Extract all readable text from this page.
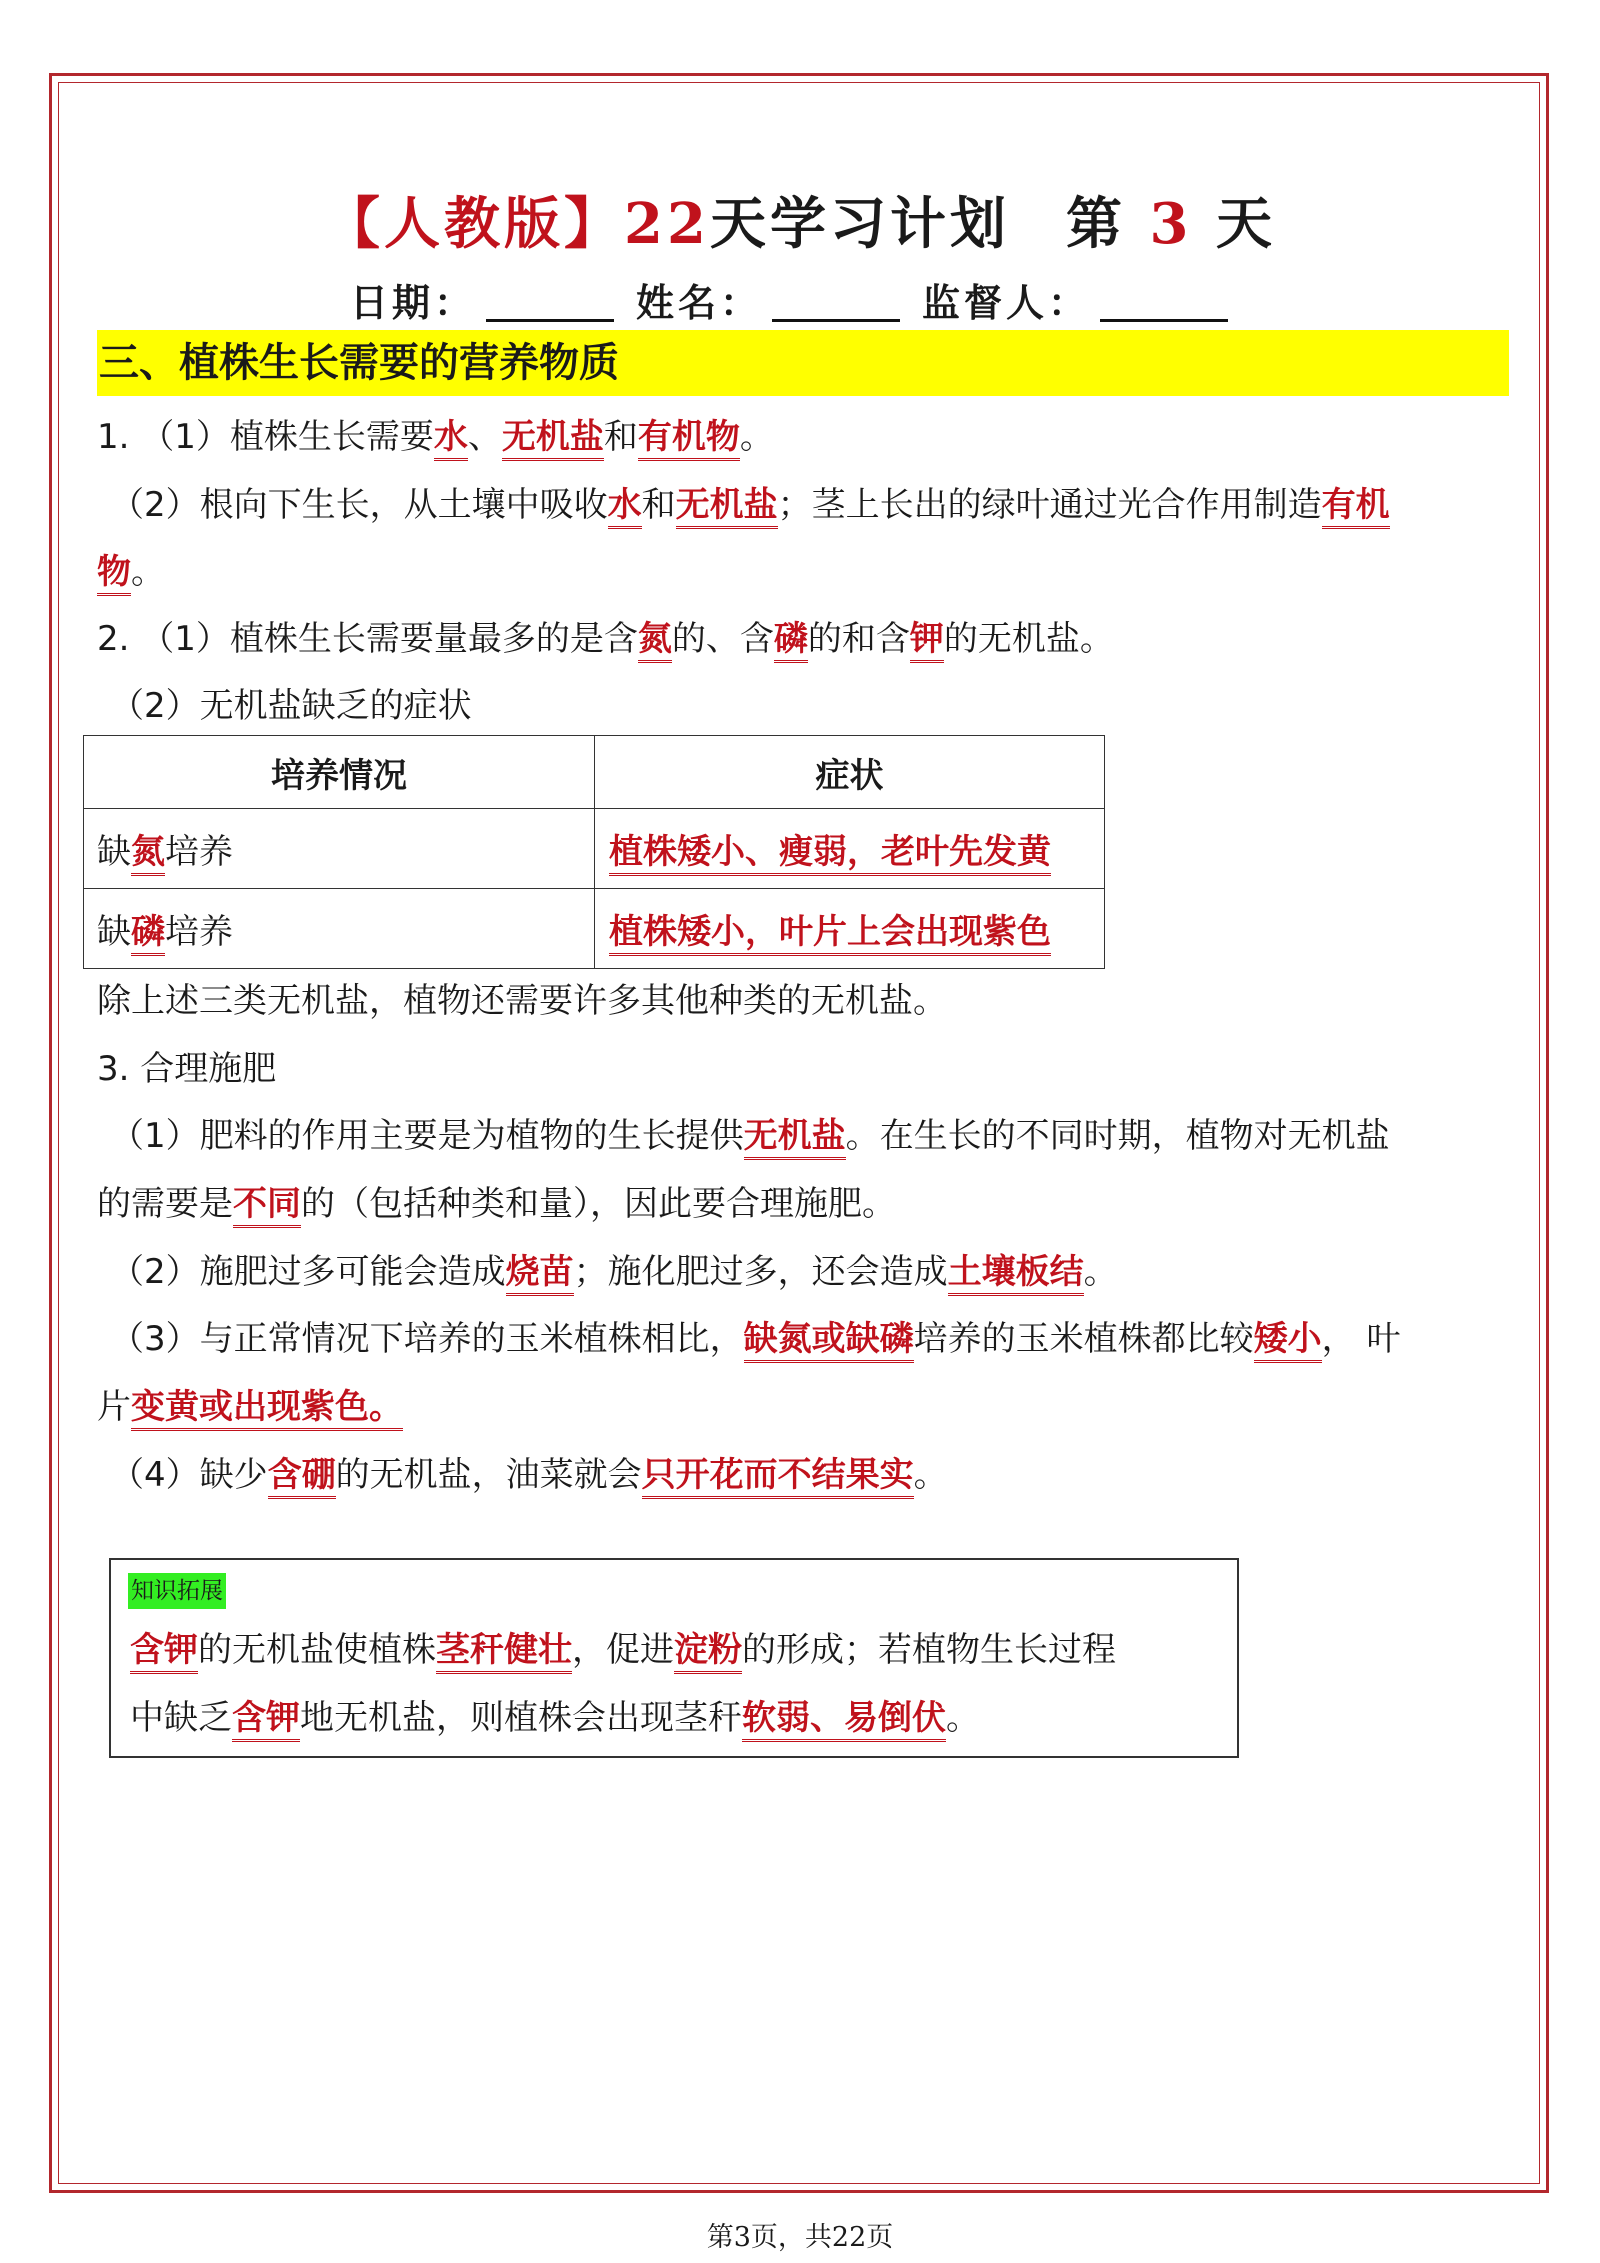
【人教版】22天学习计划 第 3 天
日期：	姓名：	监督人：
三、植株生长需要的营养物质
1. （1）植株生长需要水、无机盐和有机物。
（2）根向下生长，从土壤中吸收水和无机盐；茎上长出的绿叶通过光合作用制造有机
物。
2. （1）植株生长需要量最多的是含氮的、含磷的和含钾的无机盐。
（2）无机盐缺乏的症状
培养情况	症状
缺氮培养	植株矮小、瘦弱，老叶先发黄
缺磷培养	植株矮小，叶片上会出现紫色
除上述三类无机盐，植物还需要许多其他种类的无机盐。
3. 合理施肥
（1）肥料的作用主要是为植物的生长提供无机盐。在生长的不同时期，植物对无机盐
的需要是不同的（包括种类和量），因此要合理施肥。
（2）施肥过多可能会造成烧苗；施化肥过多，还会造成土壤板结。
（3）与正常情况下培养的玉米植株相比，缺氮或缺磷培养的玉米植株都比较矮小， 叶
片变黄或出现紫色。
（4）缺少含硼的无机盐，油菜就会只开花而不结果实。
知识拓展
含钾的无机盐使植株茎秆健壮，促进淀粉的形成；若植物生长过程
中缺乏含钾地无机盐，则植株会出现茎秆软弱、易倒伏。
第3页，共22页
